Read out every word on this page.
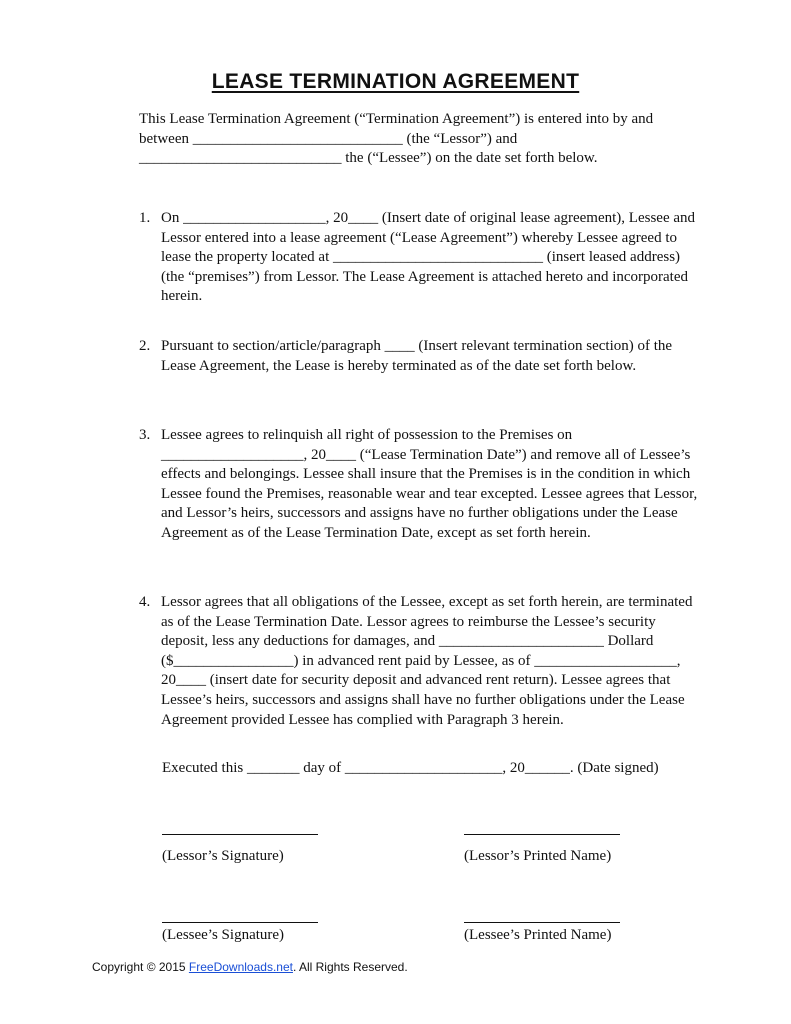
LEASE TERMINATION AGREEMENT

This Lease Termination Agreement (“Termination Agreement”) is entered into by and between ____________________________ (the “Lessor”) and ___________________________ the (“Lessee”) on the date set forth below.

1. On ___________________, 20____ (Insert date of original lease agreement), Lessee and Lessor entered into a lease agreement (“Lease Agreement”) whereby Lessee agreed to lease the property located at ____________________________ (insert leased address) (the “premises”) from Lessor. The Lease Agreement is attached hereto and incorporated herein.
2. Pursuant to section/article/paragraph ____ (Insert relevant termination section) of the Lease Agreement, the Lease is hereby terminated as of the date set forth below.
3. Lessee agrees to relinquish all right of possession to the Premises on ___________________, 20____ (“Lease Termination Date”) and remove all of Lessee’s effects and belongings. Lessee shall insure that the Premises is in the condition in which Lessee found the Premises, reasonable wear and tear excepted. Lessee agrees that Lessor, and Lessor’s heirs, successors and assigns have no further obligations under the Lease Agreement as of the Lease Termination Date, except as set forth herein.
4. Lessor agrees that all obligations of the Lessee, except as set forth herein, are terminated as of the Lease Termination Date. Lessor agrees to reimburse the Lessee’s security deposit, less any deductions for damages, and ______________________ Dollard ($________________) in advanced rent paid by Lessee, as of ___________________, 20____ (insert date for security deposit and advanced rent return). Lessee agrees that Lessee’s heirs, successors and assigns shall have no further obligations under the Lease Agreement provided Lessee has complied with Paragraph 3 herein.
Executed this _______ day of _____________________, 20______. (Date signed)
(Lessor’s Signature)	(Lessor’s Printed Name)
(Lessee’s Signature)	(Lessee’s Printed Name)
Copyright © 2015 FreeDownloads.net. All Rights Reserved.
